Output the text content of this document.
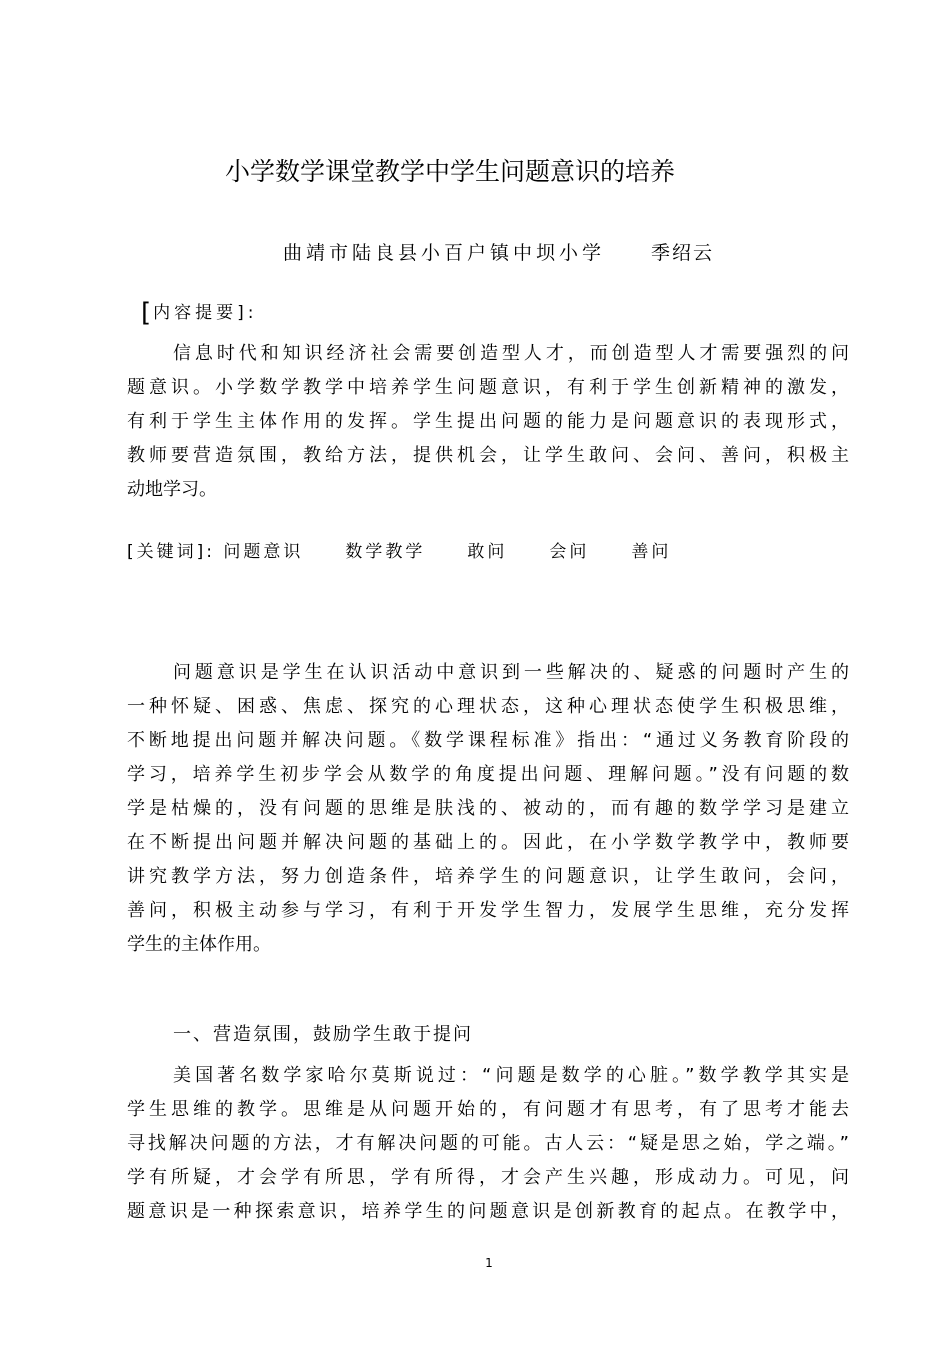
小学数学课堂教学中学生问题意识的培养
曲靖市陆良县小百户镇中坝小学 季绍云
[ 内容提要]:
信息时代和知识经济社会需要创造型人才，而创造型人才需要强烈的问
题意识。小学数学教学中培养学生问题意识，有利于学生创新精神的激发，
有利于学生主体作用的发挥。学生提出问题的能力是问题意识的表现形式，
教师要营造氛围，教给方法，提供机会，让学生敢问、会问、善问，积极主
动地学习。
[关键词]: 问题意识 数学教学 敢问 会问 善问
问题意识是学生在认识活动中意识到一些解决的、疑惑的问题时产生的
一种怀疑、困惑、焦虑、探究的心理状态，这种心理状态使学生积极思维，
不断地提出问题并解决问题。《数学课程标准》指出：“通过义务教育阶段的
学习，培养学生初步学会从数学的角度提出问题、理解问题。”没有问题的数
学是枯燥的，没有问题的思维是肤浅的、被动的，而有趣的数学学习是建立
在不断提出问题并解决问题的基础上的。因此，在小学数学教学中，教师要
讲究教学方法，努力创造条件，培养学生的问题意识，让学生敢问，会问，
善问，积极主动参与学习，有利于开发学生智力，发展学生思维，充分发挥
学生的主体作用。
一、营造氛围，鼓励学生敢于提问
美国著名数学家哈尔莫斯说过：“问题是数学的心脏。”数学教学其实是
学生思维的教学。思维是从问题开始的，有问题才有思考，有了思考才能去
寻找解决问题的方法，才有解决问题的可能。古人云：“疑是思之始，学之端。”
学有所疑，才会学有所思，学有所得，才会产生兴趣，形成动力。可见，问
题意识是一种探索意识，培养学生的问题意识是创新教育的起点。在教学中，
1
